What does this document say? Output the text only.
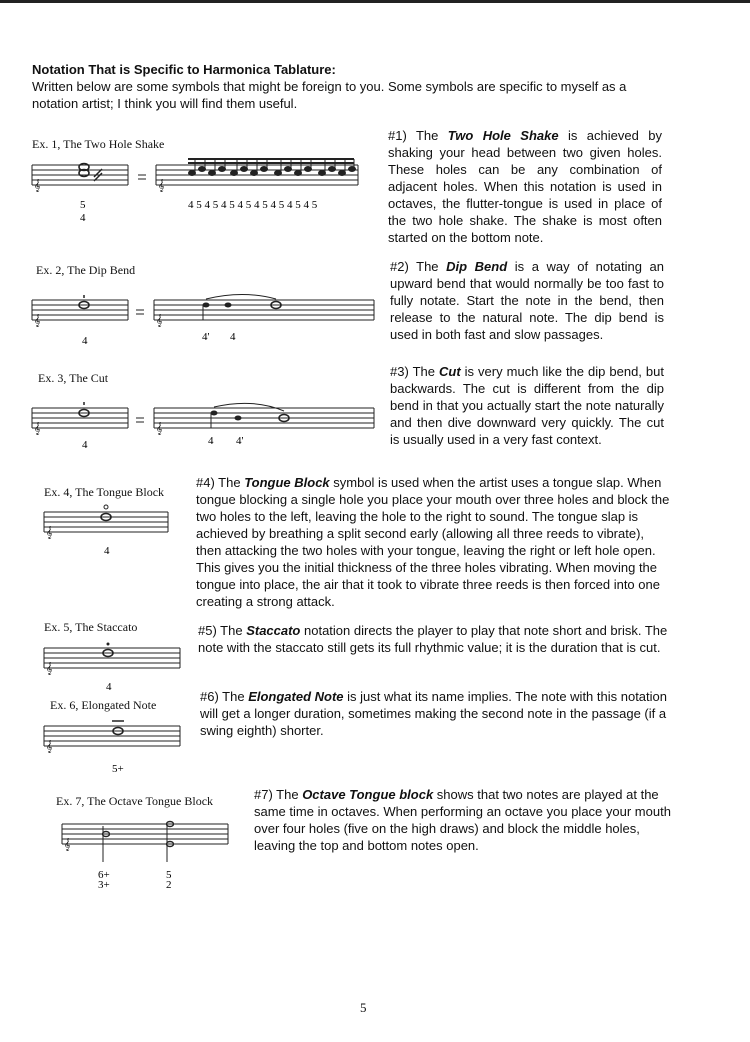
Notation That is Specific to Harmonica Tablature:

Written below are some symbols that might be foreign to you. Some symbols are specific to myself as a notation artist; I think you will find them useful.

Ex. 1, The Two Hole Shake
𝄞	𝄞
5
4
4 5 4 5 4 5 4 5 4 5 4 5 4 5 4 5

#1) The Two Hole Shake is achieved by shaking your head between two given holes. These holes can be any combination of adjacent holes. When this notation is used in octaves, the flutter-tongue is used in place of the two hole shake. The shake is most often started on the bottom note.

Ex. 2, The Dip Bend
𝄞	𝄞
4	4' 4

#2) The Dip Bend is a way of notating an upward bend that would normally be too fast to fully notate. Start the note in the bend, then release to the natural note. The dip bend is used in both fast and slow passages.

Ex. 3, The Cut
𝄞	𝄞
4	4 4'

#3) The Cut is very much like the dip bend, but backwards. The cut is different from the dip bend in that you actually start the note naturally and then dive downward very quickly. The cut is usually used in a very fast context.

Ex. 4, The Tongue Block
𝄞
4

#4) The Tongue Block symbol is used when the artist uses a tongue slap. When tongue blocking a single hole you place your mouth over three holes and block the two holes to the left, leaving the hole to the right to sound. The tongue slap is achieved by breathing a split second early (allowing all three reeds to vibrate), then attacking the two holes with your tongue, leaving the right or left hole open. This gives you the initial thickness of the three holes vibrating. When moving the tongue into place, the air that it took to vibrate three reeds is then forced into one creating a strong attack.

Ex. 5, The Staccato
𝄞
4

#5) The Staccato notation directs the player to play that note short and brisk. The note with the staccato still gets its full rhythmic value; it is the duration that is cut.

Ex. 6, Elongated Note
𝄞
5+

#6) The Elongated Note is just what its name implies. The note with this notation will get a longer duration, sometimes making the second note in the passage (if a swing eighth) shorter.

Ex. 7, The Octave Tongue Block
𝄞
6+
3+
5
2

#7) The Octave Tongue block shows that two notes are played at the same time in octaves. When performing an octave you place your mouth over four holes (five on the high draws) and block the middle holes, leaving the top and bottom notes open.

5
